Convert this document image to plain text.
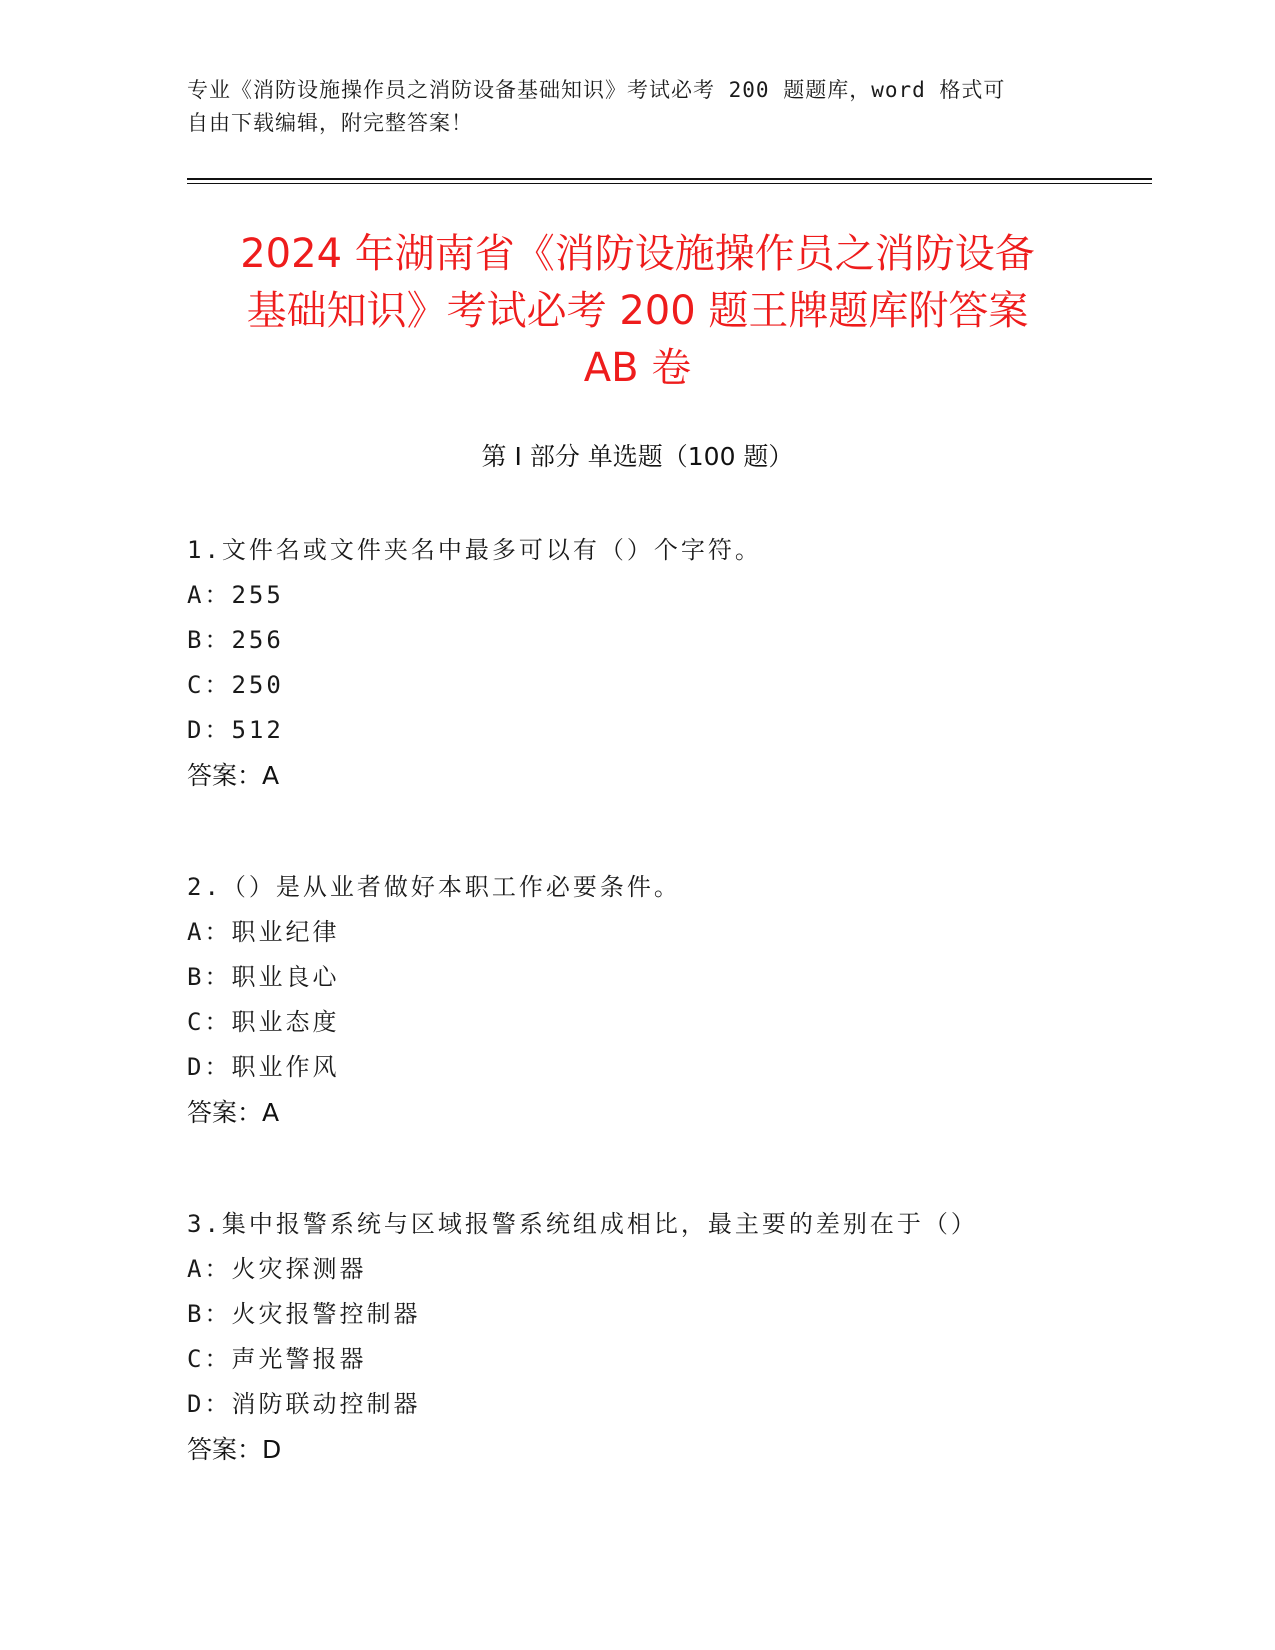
专业《消防设施操作员之消防设备基础知识》考试必考 200 题题库，word 格式可
自由下载编辑，附完整答案！
2024 年湖南省《消防设施操作员之消防设备
基础知识》考试必考 200 题王牌题库附答案
AB 卷
第 I 部分 单选题（100 题）
1.文件名或文件夹名中最多可以有（）个字符。
A：255
B：256
C：250
D：512
答案：A
2.（）是从业者做好本职工作必要条件。
A：职业纪律
B：职业良心
C：职业态度
D：职业作风
答案：A
3.集中报警系统与区域报警系统组成相比，最主要的差别在于（）
A：火灾探测器
B：火灾报警控制器
C：声光警报器
D：消防联动控制器
答案：D
